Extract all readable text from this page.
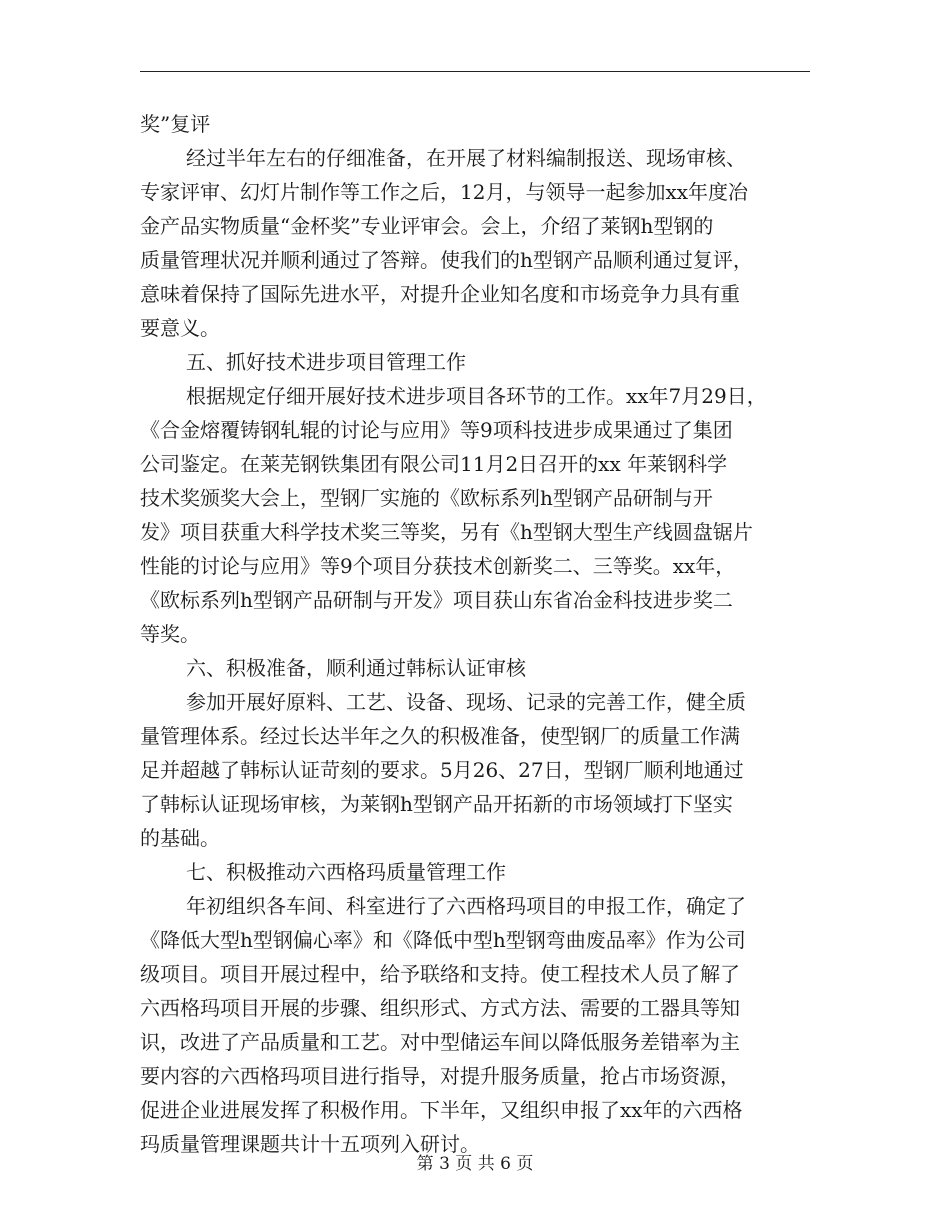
奖”复评
经过半年左右的仔细准备，在开展了材料编制报送、现场审核、
专家评审、幻灯片制作等工作之后，12月，与领导一起参加xx年度冶
金产品实物质量“金杯奖”专业评审会。会上，介绍了莱钢h型钢的
质量管理状况并顺利通过了答辩。使我们的h型钢产品顺利通过复评，
意味着保持了国际先进水平，对提升企业知名度和市场竞争力具有重
要意义。
五、抓好技术进步项目管理工作
根据规定仔细开展好技术进步项目各环节的工作。xx年7月29日，
《合金熔覆铸钢轧辊的讨论与应用》等9项科技进步成果通过了集团
公司鉴定。在莱芜钢铁集团有限公司11月2日召开的xx 年莱钢科学
技术奖颁奖大会上，型钢厂实施的《欧标系列h型钢产品研制与开
发》项目获重大科学技术奖三等奖，另有《h型钢大型生产线圆盘锯片
性能的讨论与应用》等9个项目分获技术创新奖二、三等奖。xx年，
《欧标系列h型钢产品研制与开发》项目获山东省冶金科技进步奖二
等奖。
六、积极准备，顺利通过韩标认证审核
参加开展好原料、工艺、设备、现场、记录的完善工作，健全质
量管理体系。经过长达半年之久的积极准备，使型钢厂的质量工作满
足并超越了韩标认证苛刻的要求。5月26、27日，型钢厂顺利地通过
了韩标认证现场审核，为莱钢h型钢产品开拓新的市场领域打下坚实
的基础。
七、积极推动六西格玛质量管理工作
年初组织各车间、科室进行了六西格玛项目的申报工作，确定了
《降低大型h型钢偏心率》和《降低中型h型钢弯曲废品率》作为公司
级项目。项目开展过程中，给予联络和支持。使工程技术人员了解了
六西格玛项目开展的步骤、组织形式、方式方法、需要的工器具等知
识，改进了产品质量和工艺。对中型储运车间以降低服务差错率为主
要内容的六西格玛项目进行指导，对提升服务质量，抢占市场资源，
促进企业进展发挥了积极作用。下半年，又组织申报了xx年的六西格
玛质量管理课题共计十五项列入研讨。
第 3 页 共 6 页
